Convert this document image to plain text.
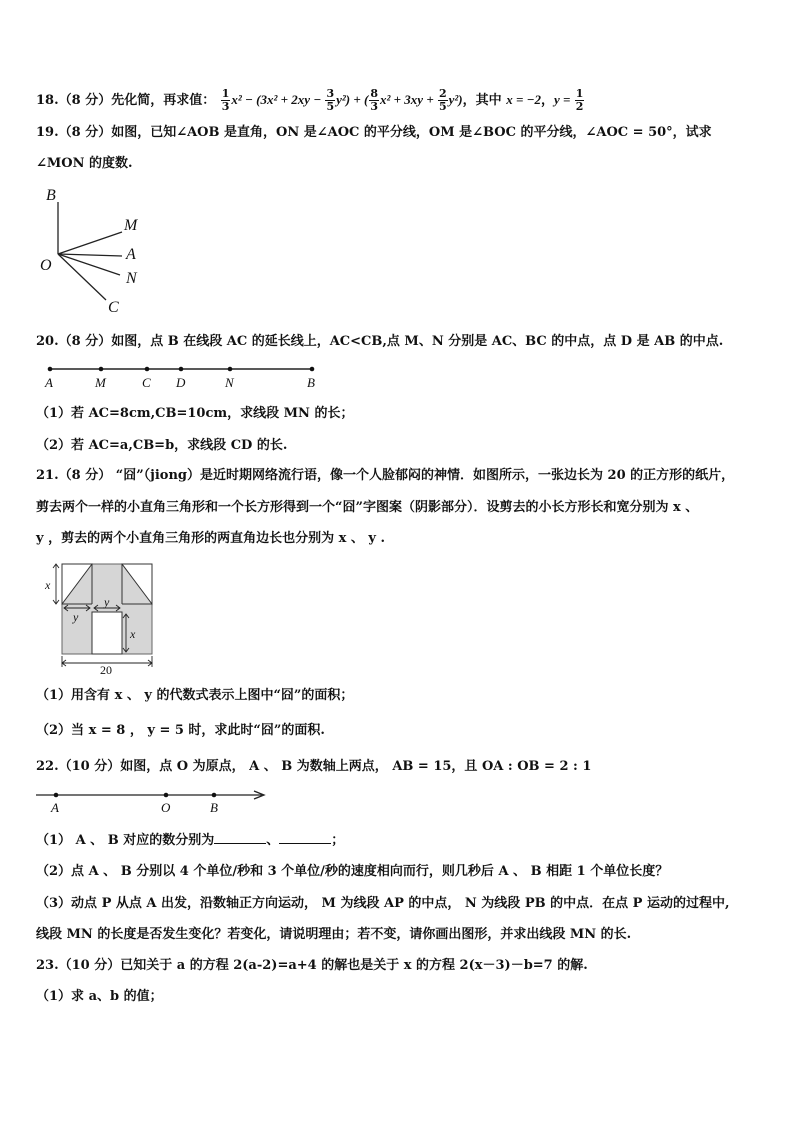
18.（8 分）先化简，再求值： $\frac{1}{3} x^2 - (3x^2 + 2xy - \frac{3}{5} y^2)$ + ( $\frac{8}{3} x^2 + 3xy + \frac{2}{5} y^2$)，其中 x = −2，$y = \frac{1}{2}$
19.（8 分）如图，已知∠AOB 是直角，ON 是∠AOC 的平分线，OM 是∠BOC 的平分线，∠AOC = 50°，试求
∠MON 的度数.
B
M
A
O
N
C
20.（8 分）如图，点 B 在线段 AC 的延长线上，AC<CB,点 M、N 分别是 AC、BC 的中点，点 D 是 AB 的中点.
A	M	C D	N	B
（1）若 AC=8cm,CB=10cm，求线段 MN 的长；
（2）若 AC=a,CB=b，求线段 CD 的长.
21.（8 分） “囧”（jiong）是近时期网络流行语，像一个人脸郁闷的神情．如图所示，一张边长为 20 的正方形的纸片，
剪去两个一样的小直角三角形和一个长方形得到一个“囧”字图案（阴影部分）．设剪去的小长方形长和宽分别为 x 、
y ，剪去的两个小直角三角形的两直角边长也分别为 x 、 y .
x
y
y
x
20
（1）用含有 x 、 y 的代数式表示上图中“囧”的面积；
（2）当 x = 8 ， y = 5 时，求此时“囧”的面积.
22.（10 分）如图，点 O 为原点， A 、 B 为数轴上两点， AB = 15，且 OA : OB = 2 : 1
A	O	B
（1） A 、 B 对应的数分别为	、	；
（2）点 A 、 B 分别以 4 个单位/秒和 3 个单位/秒的速度相向而行，则几秒后 A 、 B 相距 1 个单位长度？
（3）动点 P 从点 A 出发，沿数轴正方向运动， M 为线段 AP 的中点， N 为线段 PB 的中点．在点 P 运动的过程中,
线段 MN 的长度是否发生变化？若变化，请说明理由；若不变，请你画出图形，并求出线段 MN 的长.
23.（10 分）已知关于 a 的方程 2(a-2)=a+4 的解也是关于 x 的方程 2(x－3)－b=7 的解.
（1）求 a、b 的值；
